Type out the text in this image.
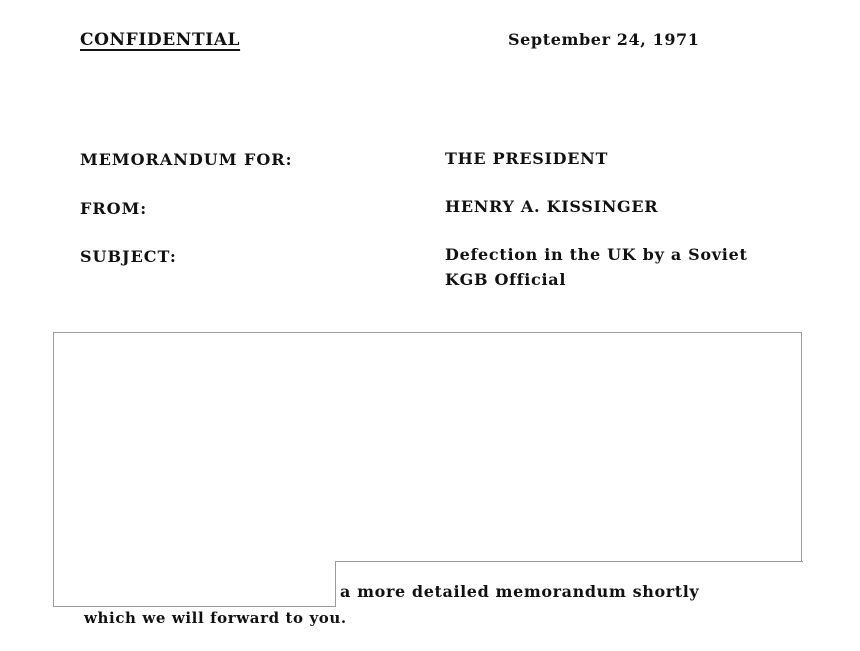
CONFIDENTIAL	September 24, 1971
MEMORANDUM FOR:	THE PRESIDENT
FROM:	HENRY A. KISSINGER
SUBJECT:	Defection in the UK by a Soviet
KGB Official
a more detailed memorandum shortly
which we will forward to you.
